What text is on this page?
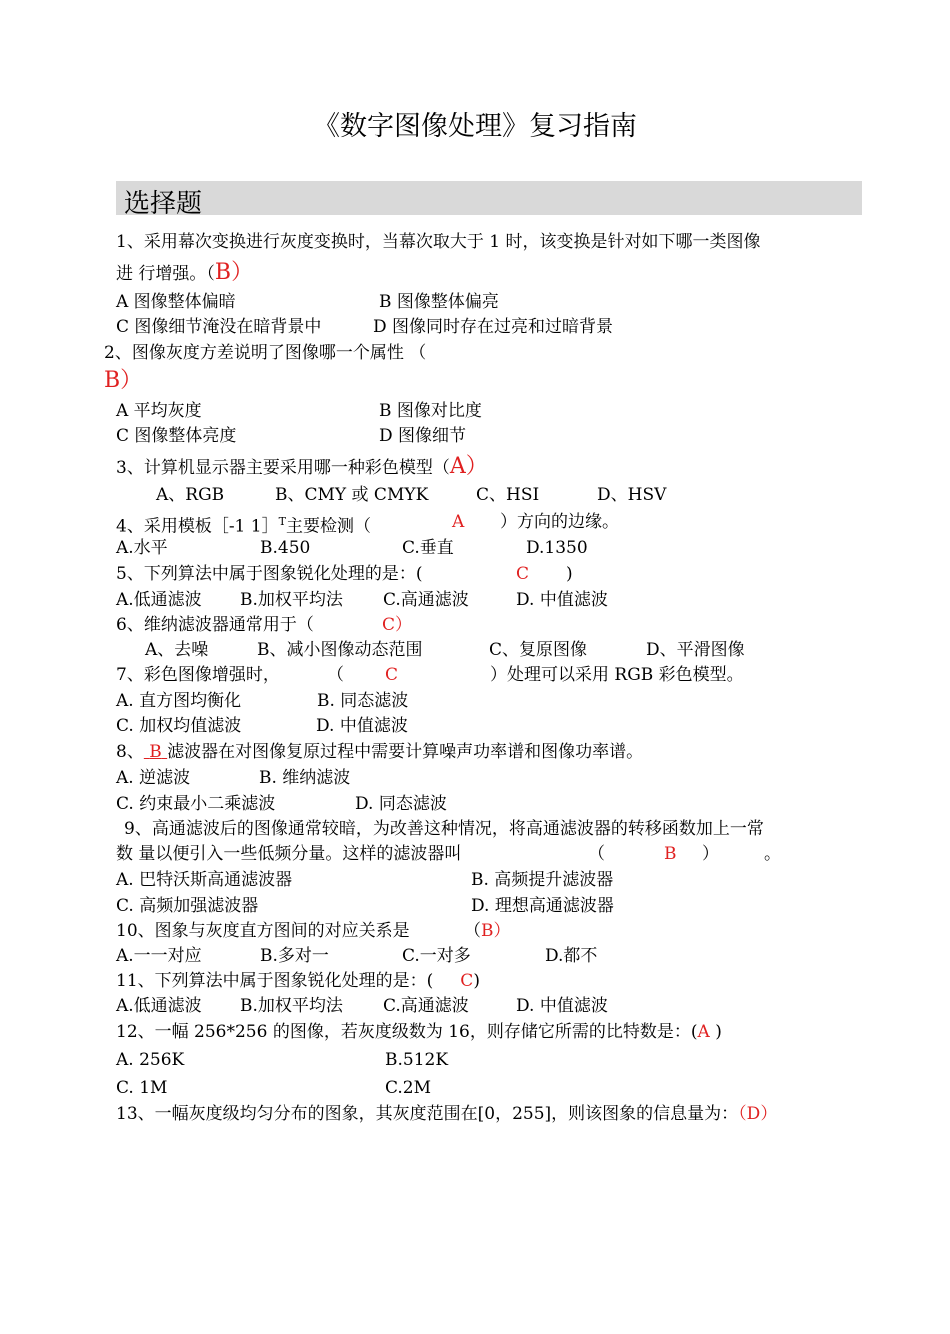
《数字图像处理》复习指南
选择题
1、采用幕次变换进行灰度变换时，当幕次取大于 1 时，该变换是针对如下哪一类图像
进 行增强。（B）
A 图像整体偏暗	B 图像整体偏亮
C 图像细节淹没在暗背景中	D 图像同时存在过亮和过暗背景
2、图像灰度方差说明了图像哪一个属性 （
B）
A 平均灰度	B 图像对比度
C 图像整体亮度	D 图像细节
3、计算机显示器主要采用哪一种彩色模型（A）
A、RGB	B、CMY 或 CMYK	C、HSI	D、HSV
4、采用模板［-1 1］$^T$主要检测（	A ）方向的边缘。
A.水平	B.450	C.垂直	D.1350
5、下列算法中属于图象锐化处理的是：(	C )
A.低通滤波 B.加权平均法 C.高通滤波	D. 中值滤波
6、维纳滤波器通常用于（	C）
A、去噪	B、减小图像动态范围	C、复原图像	D、平滑图像
7、彩色图像增强时，	（ C	）处理可以采用 RGB 彩色模型。
A. 直方图均衡化	B. 同态滤波
C. 加权均值滤波	D. 中值滤波
8、 B 滤波器在对图像复原过程中需要计算噪声功率谱和图像功率谱。
A. 逆滤波	B. 维纳滤波
C. 约束最小二乘滤波	D. 同态滤波
9、高通滤波后的图像通常较暗，为改善这种情况，将高通滤波器的转移函数加上一常
数 量以便引入一些低频分量。这样的滤波器叫	（	B ）	。
A. 巴特沃斯高通滤波器	B. 高频提升滤波器
C. 高频加强滤波器	D. 理想高通滤波器
10、图象与灰度直方图间的对应关系是	（B）
A.一一对应	B.多对一	C.一对多	D.都不
11、下列算法中属于图象锐化处理的是：( C)
A.低通滤波 B.加权平均法 C.高通滤波	D. 中值滤波
12、一幅 256*256 的图像，若灰度级数为 16，则存储它所需的比特数是：(A )
A. 256K	B.512K
C. 1M	C.2M
13、一幅灰度级均匀分布的图象，其灰度范围在[0，255]，则该图象的信息量为：（D）
